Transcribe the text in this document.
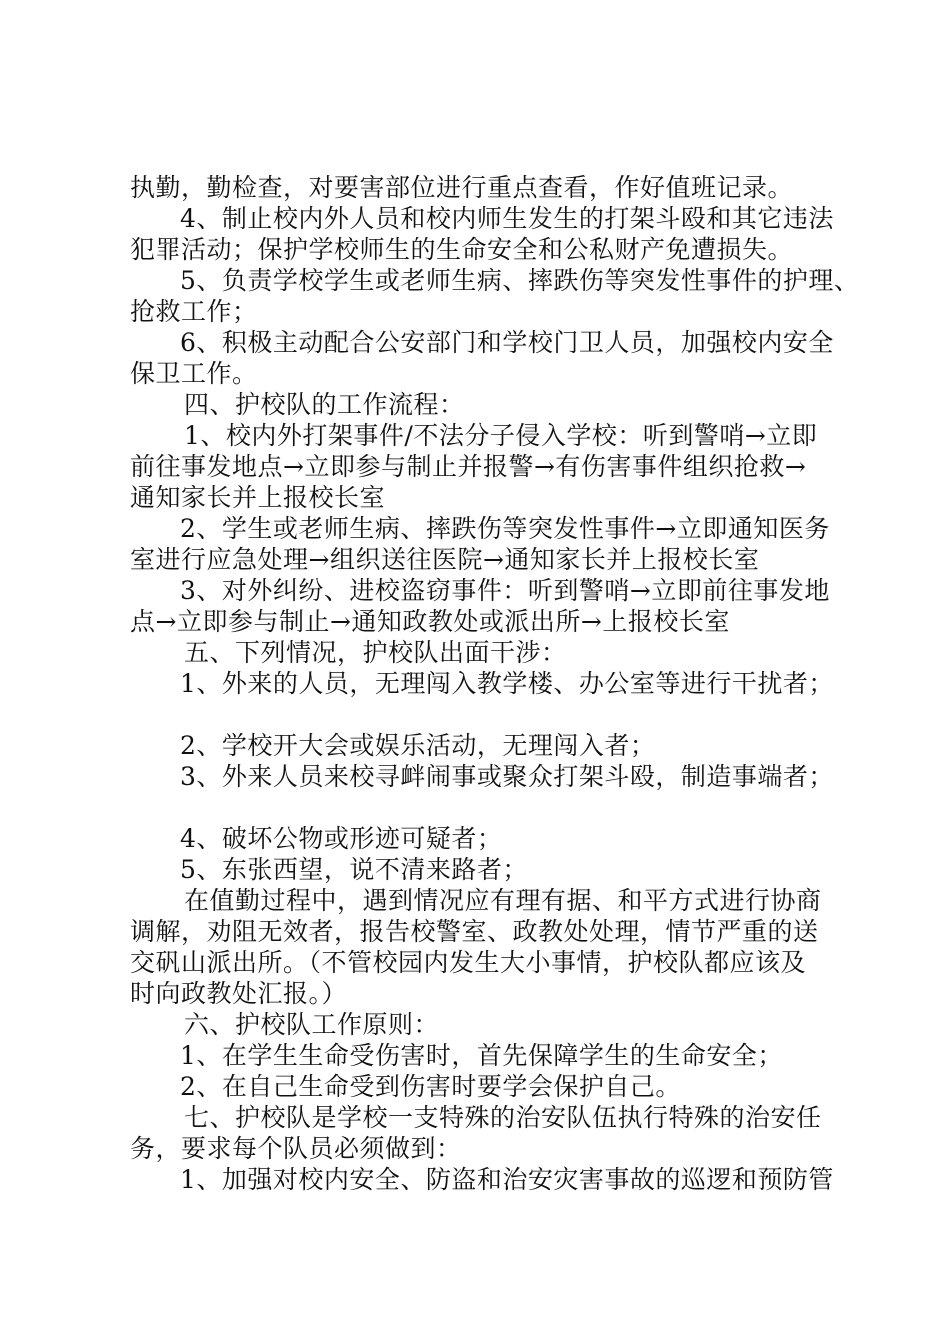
执勤，勤检查，对要害部位进行重点查看，作好值班记录。
4、制止校内外人员和校内师生发生的打架斗殴和其它违法
犯罪活动；保护学校师生的生命安全和公私财产免遭损失。
5、负责学校学生或老师生病、摔跌伤等突发性事件的护理、
抢救工作；
6、积极主动配合公安部门和学校门卫人员，加强校内安全
保卫工作。
四、护校队的工作流程：
1、校内外打架事件/不法分子侵入学校：听到警哨→立即
前往事发地点→立即参与制止并报警→有伤害事件组织抢救→
通知家长并上报校长室
2、学生或老师生病、摔跌伤等突发性事件→立即通知医务
室进行应急处理→组织送往医院→通知家长并上报校长室
3、对外纠纷、进校盗窃事件：听到警哨→立即前往事发地
点→立即参与制止→通知政教处或派出所→上报校长室
五、下列情况，护校队出面干涉：
1、外来的人员，无理闯入教学楼、办公室等进行干扰者；
2、学校开大会或娱乐活动，无理闯入者；
3、外来人员来校寻衅闹事或聚众打架斗殴，制造事端者；
4、破坏公物或形迹可疑者；
5、东张西望，说不清来路者；
在值勤过程中，遇到情况应有理有据、和平方式进行协商
调解，劝阻无效者，报告校警室、政教处处理，情节严重的送
交矾山派出所。（不管校园内发生大小事情，护校队都应该及
时向政教处汇报。）
六、护校队工作原则：
1、在学生生命受伤害时，首先保障学生的生命安全；
2、在自己生命受到伤害时要学会保护自己。
七、护校队是学校一支特殊的治安队伍执行特殊的治安任
务，要求每个队员必须做到：
1、加强对校内安全、防盗和治安灾害事故的巡逻和预防管
